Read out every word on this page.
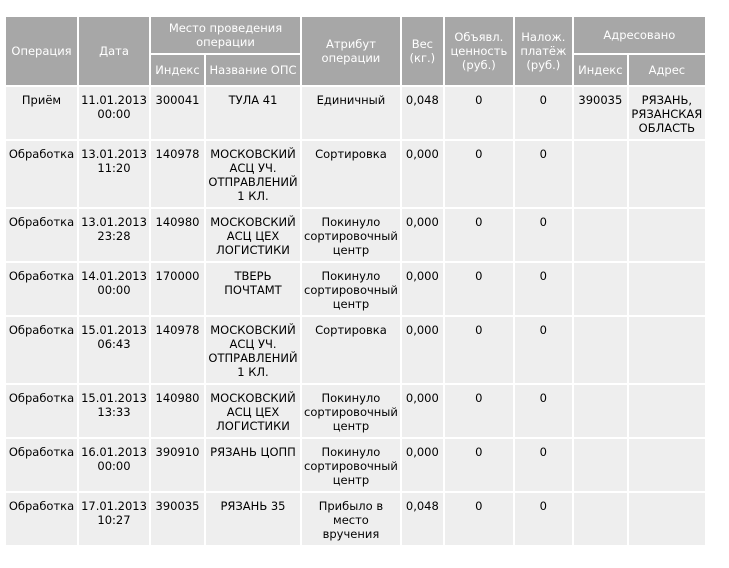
Операция	Дата	Место проведения операции		Атрибут операции	Вес (кг.)	Объявл. ценность (руб.)	Налож. платёж (руб.)	Адресовано	
		Индекс	Название ОПС					Индекс	Адрес
Приём	11.01.2013 00:00	300041	ТУЛА 41	Единичный	0,048	0	0	390035	РЯЗАНЬ, РЯЗАНСКАЯ ОБЛАСТЬ
Обработка	13.01.2013 11:20	140978	МОСКОВСКИЙ АСЦ УЧ. ОТПРАВЛЕНИЙ 1 КЛ.	Сортировка	0,000	0	0		
Обработка	13.01.2013 23:28	140980	МОСКОВСКИЙ АСЦ ЦЕХ ЛОГИСТИКИ	Покинуло сортировочный центр	0,000	0	0		
Обработка	14.01.2013 00:00	170000	ТВЕРЬ ПОЧТАМТ	Покинуло сортировочный центр	0,000	0	0		
Обработка	15.01.2013 06:43	140978	МОСКОВСКИЙ АСЦ УЧ. ОТПРАВЛЕНИЙ 1 КЛ.	Сортировка	0,000	0	0		
Обработка	15.01.2013 13:33	140980	МОСКОВСКИЙ АСЦ ЦЕХ ЛОГИСТИКИ	Покинуло сортировочный центр	0,000	0	0		
Обработка	16.01.2013 00:00	390910	РЯЗАНЬ ЦОПП	Покинуло сортировочный центр	0,000	0	0		
Обработка	17.01.2013 10:27	390035	РЯЗАНЬ 35	Прибыло в место вручения	0,048	0	0		
